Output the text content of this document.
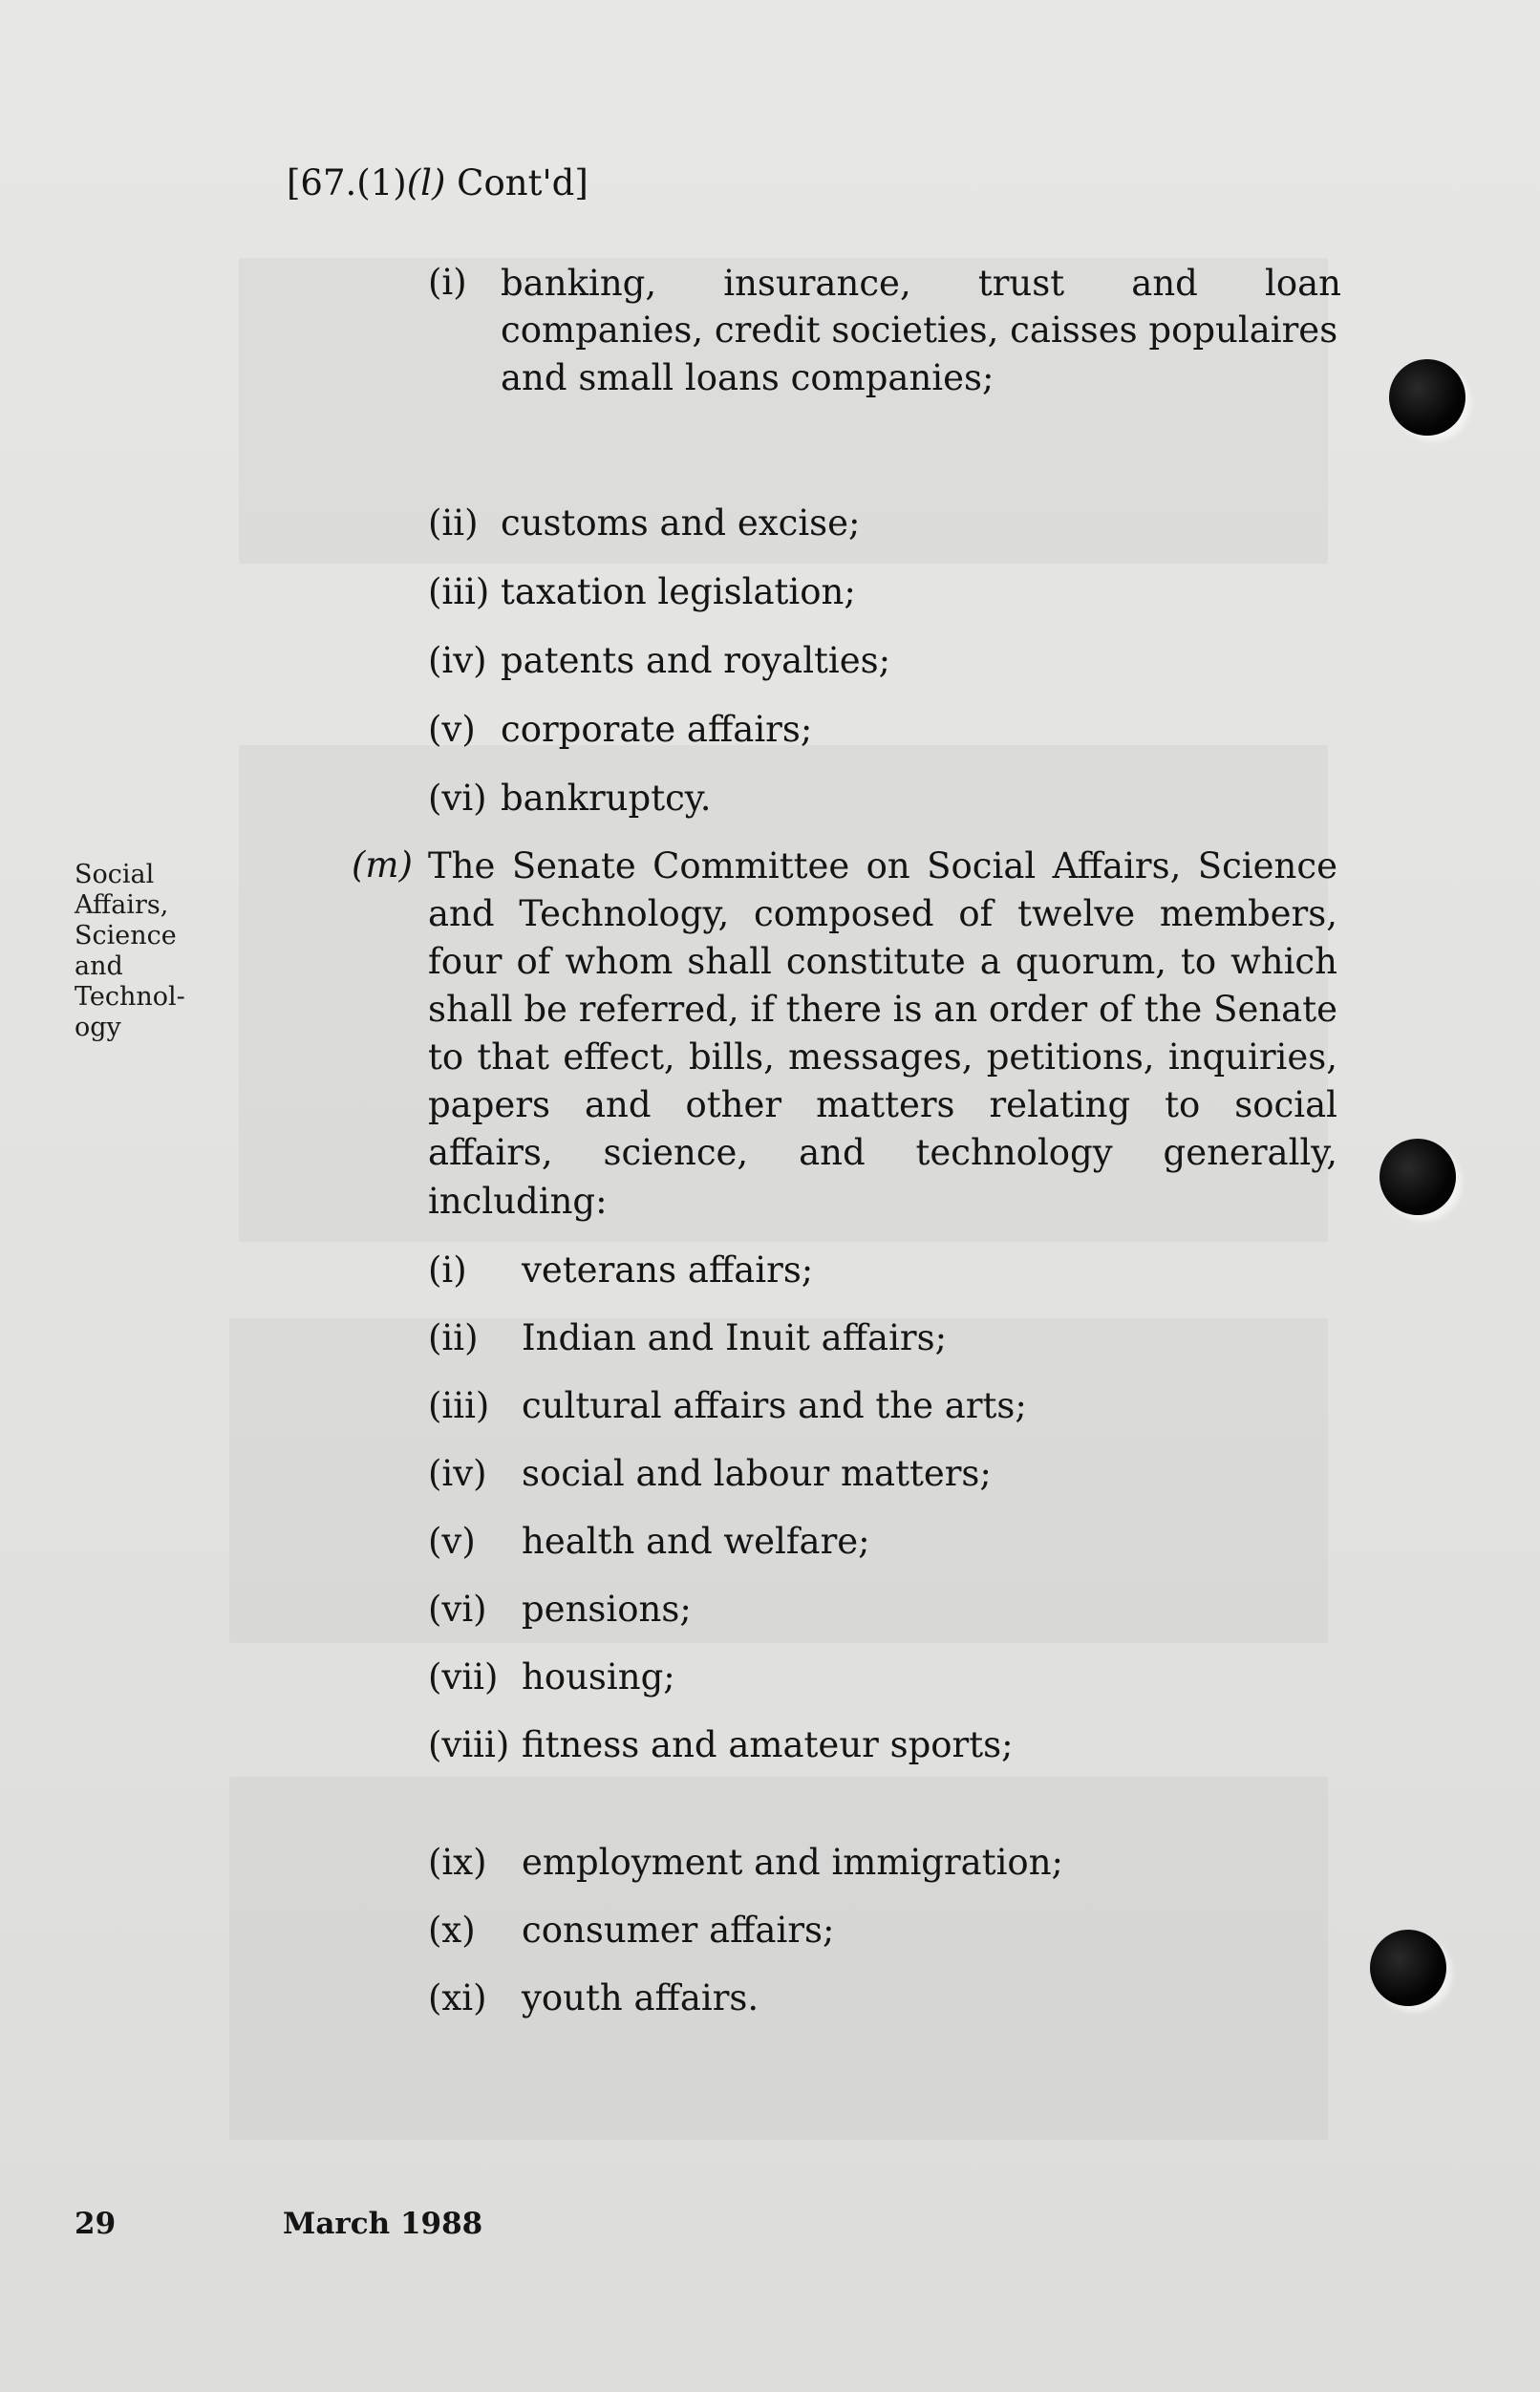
[67.(1)(l) Cont'd]
(i) banking, insurance, trust and loan
companies, credit societies, caisses populaires
and small loans companies;
(ii) customs and excise;
(iii) taxation legislation;
(iv) patents and royalties;
(v) corporate affairs;
(vi) bankruptcy.
(m) The Senate Committee on Social Affairs, Science
and Technology, composed of twelve members,
four of whom shall constitute a quorum, to which
shall be referred, if there is an order of the Senate
to that effect, bills, messages, petitions, inquiries,
papers and other matters relating to social
affairs, science, and technology generally,
including:
Social
Affairs,
Science
and
Technol-
ogy
(i) veterans affairs;
(ii) Indian and Inuit affairs;
(iii) cultural affairs and the arts;
(iv) social and labour matters;
(v) health and welfare;
(vi) pensions;
(vii) housing;
(viii) fitness and amateur sports;
(ix) employment and immigration;
(x) consumer affairs;
(xi) youth affairs.
29	March 1988
